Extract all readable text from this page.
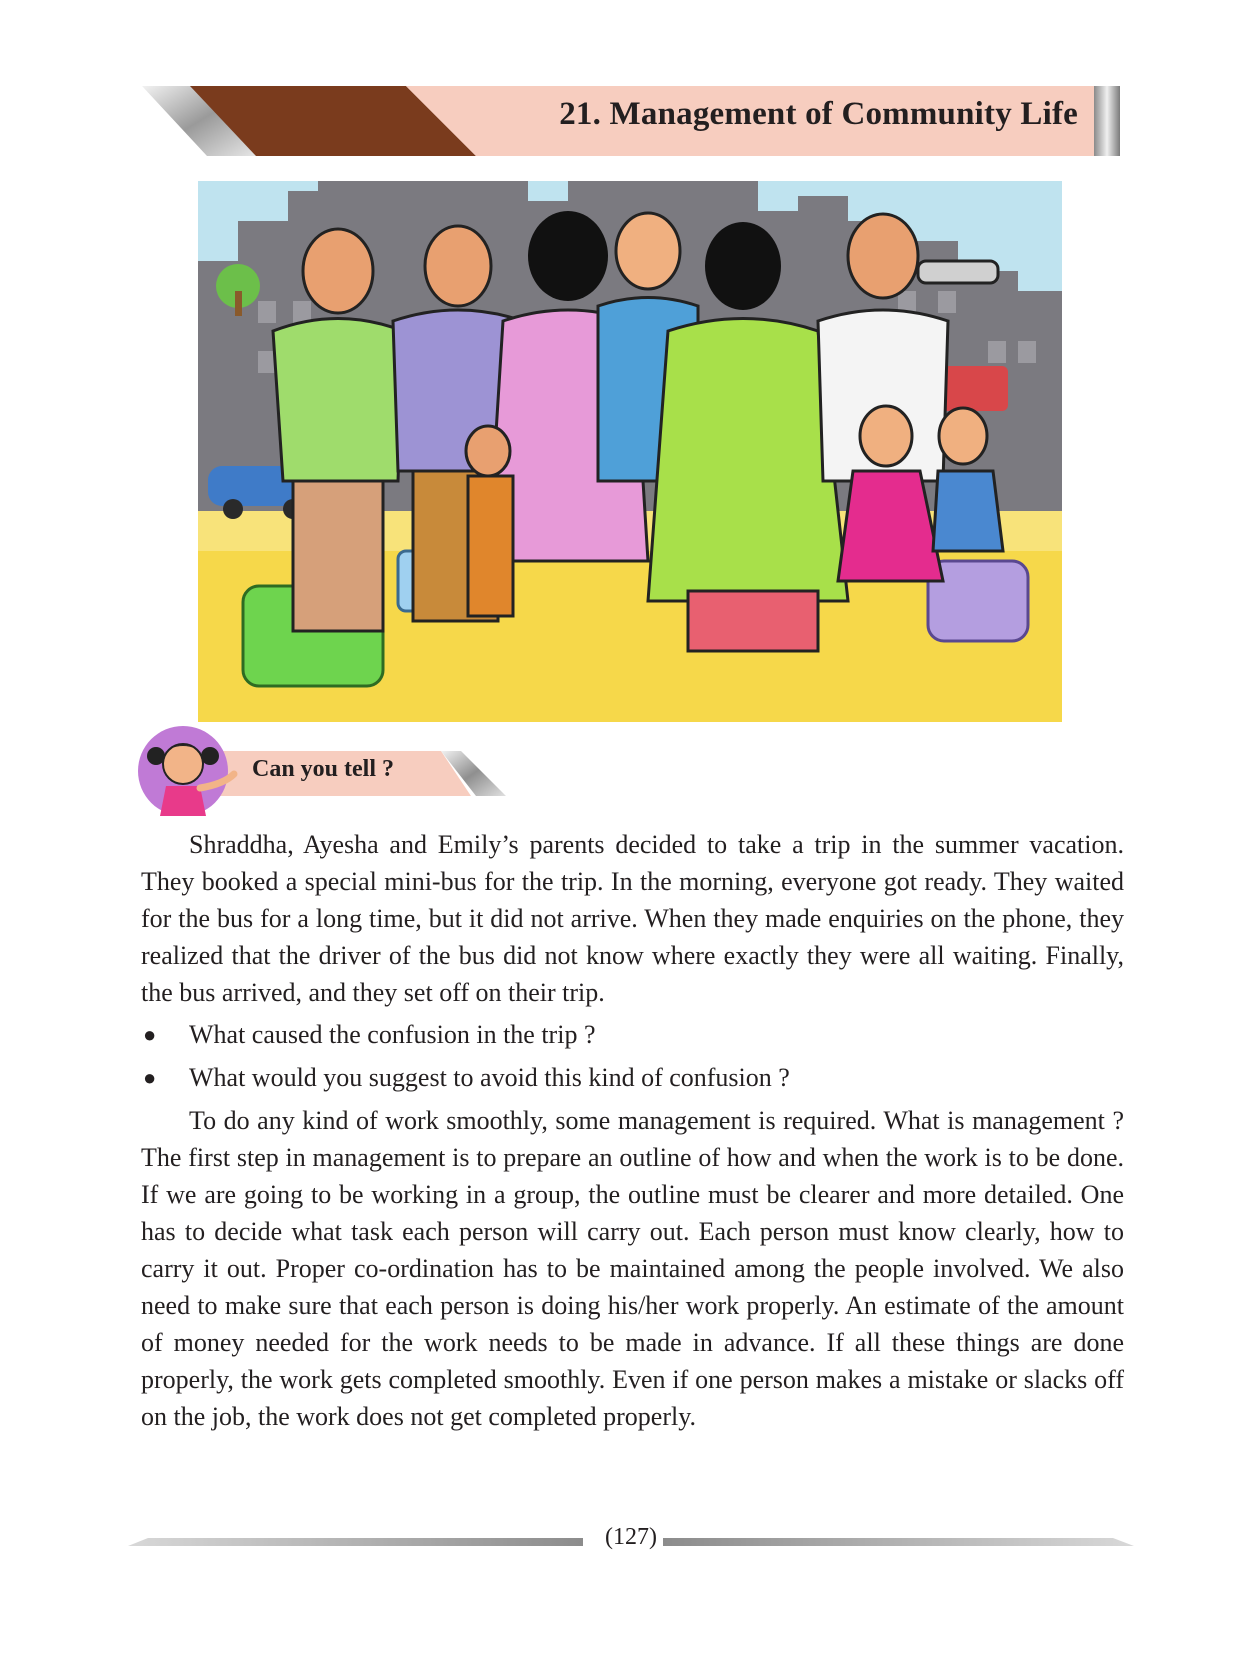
21. Management of Community Life
Can you tell ?

Shraddha, Ayesha and Emily’s parents decided to take a trip in the summer vacation. They booked a special mini-bus for the trip. In the morning, everyone got ready. They waited for the bus for a long time, but it did not arrive. When they made enquiries on the phone, they realized that the driver of the bus did not know where exactly they were all waiting. Finally, the bus arrived, and they set off on their trip.

● What caused the confusion in the trip ?
● What would you suggest to avoid this kind of confusion ?

To do any kind of work smoothly, some management is required. What is management ? The first step in management is to prepare an outline of how and when the work is to be done. If we are going to be working in a group, the outline must be clearer and more detailed. One has to decide what task each person will carry out. Each person must know clearly, how to carry it out. Proper co-ordination has to be maintained among the people involved. We also need to make sure that each person is doing his/her work properly. An estimate of the amount of money needed for the work needs to be made in advance. If all these things are done properly, the work gets completed smoothly. Even if one person makes a mistake or slacks off on the job, the work does not get completed properly.

(127)
